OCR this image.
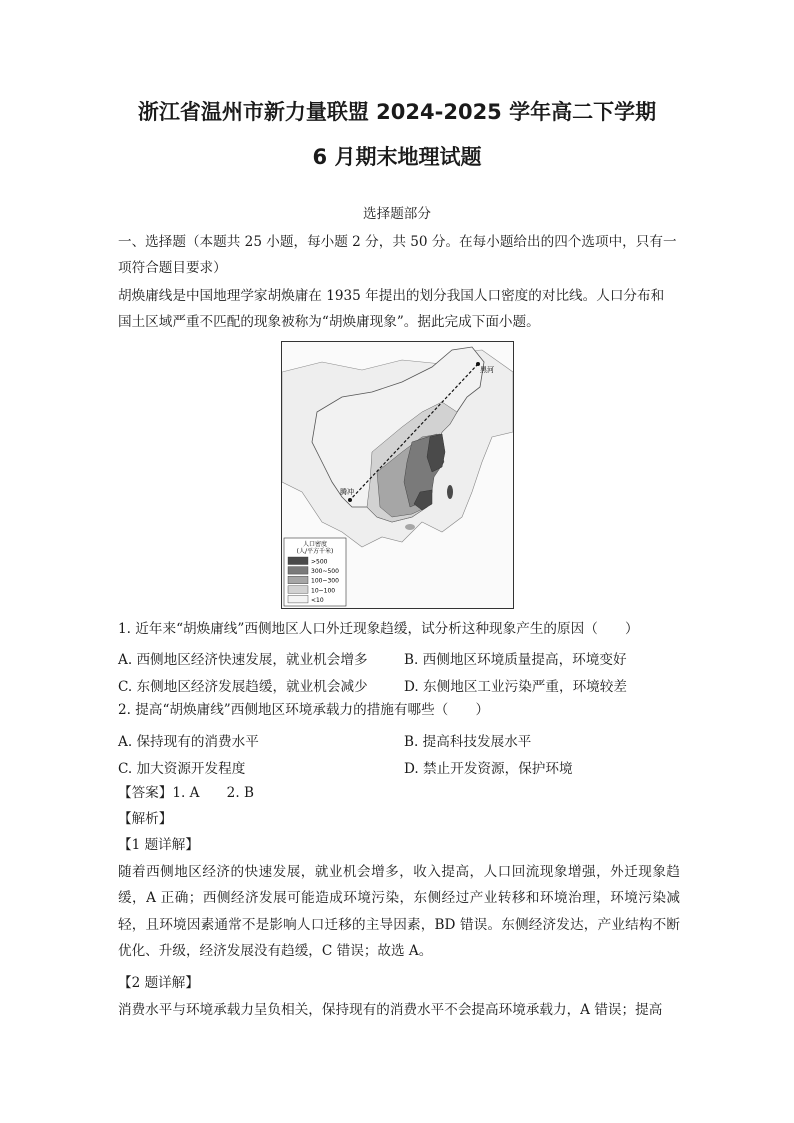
浙江省温州市新力量联盟 2024-2025 学年高二下学期
6 月期末地理试题
选择题部分
一、选择题（本题共 25 小题，每小题 2 分，共 50 分。在每小题给出的四个选项中，只有一
项符合题目要求）
胡焕庸线是中国地理学家胡焕庸在 1935 年提出的划分我国人口密度的对比线。人口分布和
国土区域严重不匹配的现象被称为“胡焕庸现象”。据此完成下面小题。
黑河
腾冲
人口密度
(人/平方千米)
>500
300~500
100~300
10~100
<10
1. 近年来“胡焕庸线”西侧地区人口外迁现象趋缓，试分析这种现象产生的原因（　　）
A. 西侧地区经济快速发展，就业机会增多	B. 西侧地区环境质量提高，环境变好
C. 东侧地区经济发展趋缓，就业机会减少	D. 东侧地区工业污染严重，环境较差
2. 提高“胡焕庸线”西侧地区环境承载力的措施有哪些（　　）
A. 保持现有的消费水平	B. 提高科技发展水平
C. 加大资源开发程度	D. 禁止开发资源，保护环境
【答案】1. A　　2. B
【解析】
【1 题详解】
随着西侧地区经济的快速发展，就业机会增多，收入提高，人口回流现象增强，外迁现象趋缓，A 正确；西侧经济发展可能造成环境污染，东侧经过产业转移和环境治理，环境污染减轻，且环境因素通常不是影响人口迁移的主导因素，BD 错误。东侧经济发达，产业结构不断优化、升级，经济发展没有趋缓，C 错误；故选 A。
【2 题详解】
消费水平与环境承载力呈负相关，保持现有的消费水平不会提高环境承载力，A 错误；提高
